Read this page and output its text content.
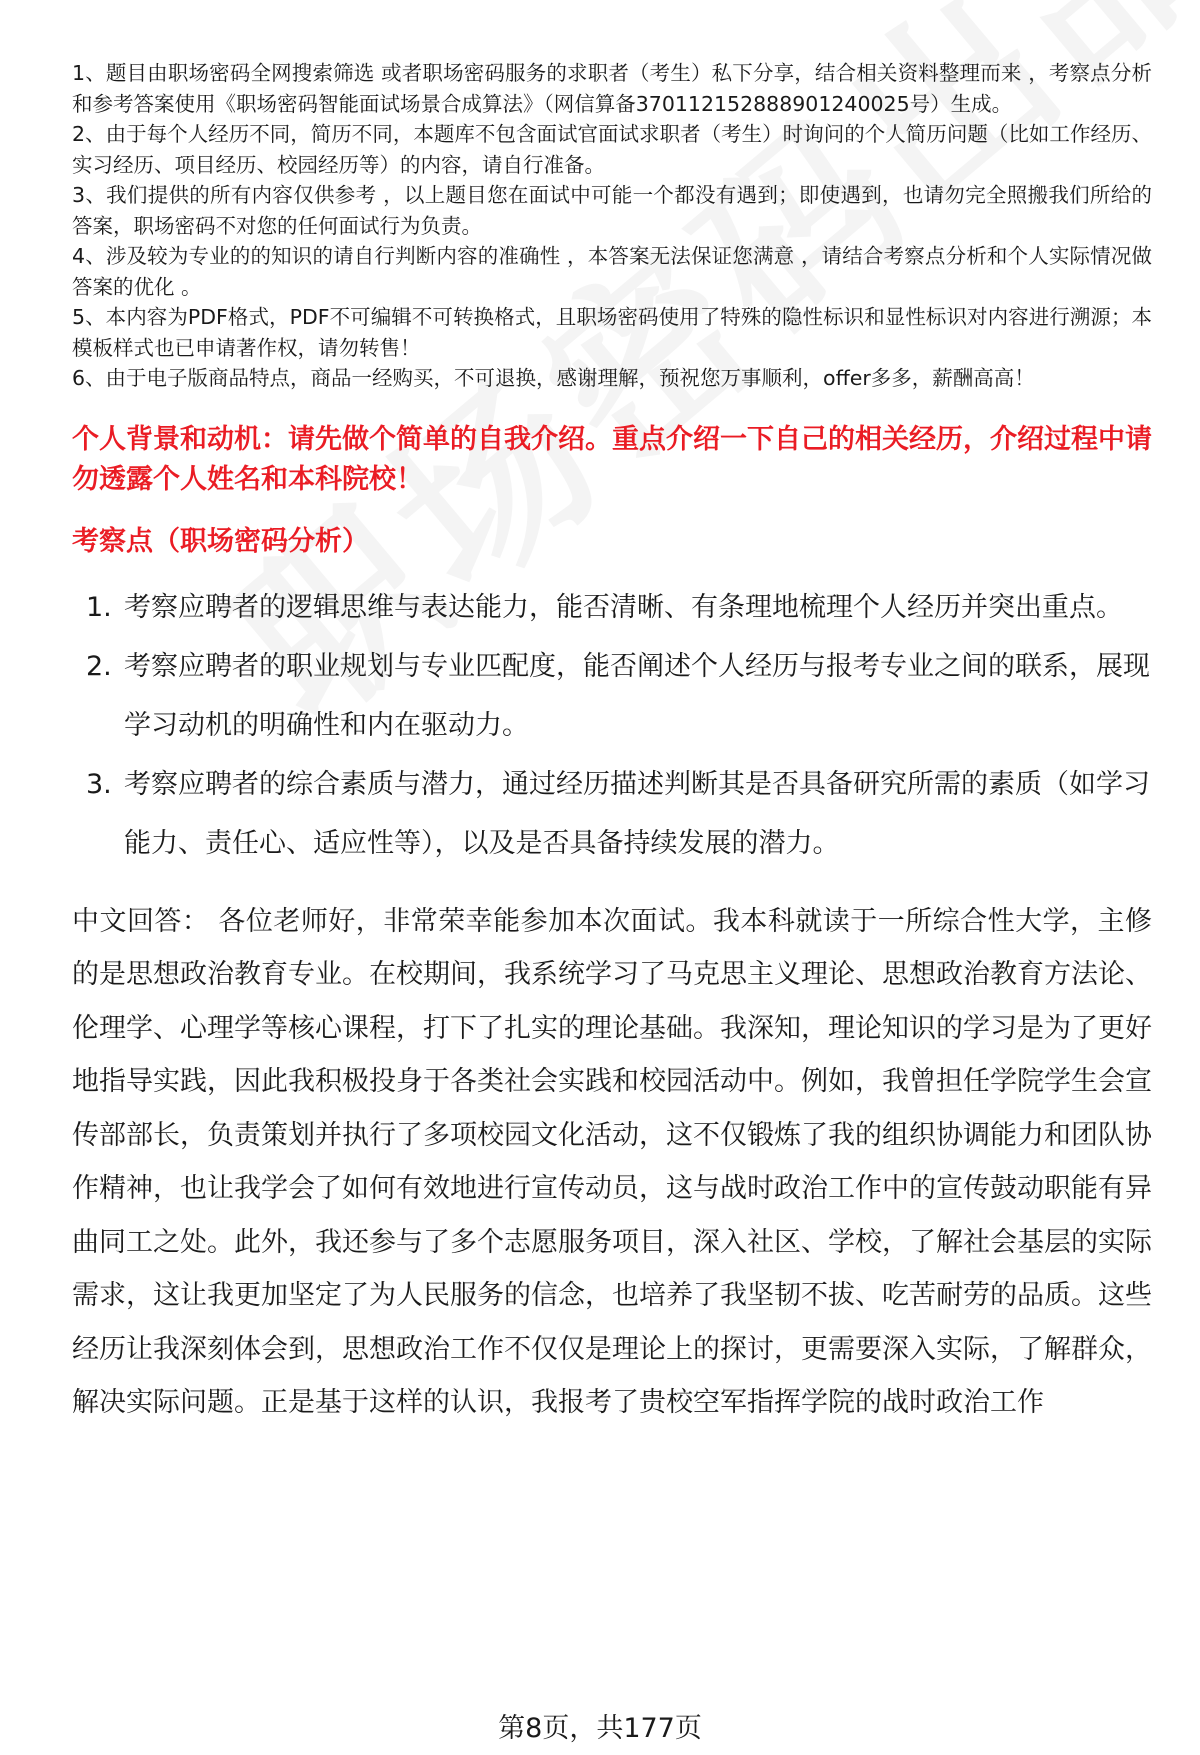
1、题目由职场密码全网搜索筛选 或者职场密码服务的求职者（考生）私下分享，结合相关资料整理而来 ，考察点分析和参考答案使用《职场密码智能面试场景合成算法》（网信算备370112152888901240025号）生成。

2、由于每个人经历不同，简历不同，本题库不包含面试官面试求职者（考生）时询问的个人简历问题（比如工作经历、实习经历、项目经历、校园经历等）的内容，请自行准备。

3、我们提供的所有内容仅供参考 ，以上题目您在面试中可能一个都没有遇到；即使遇到，也请勿完全照搬我们所给的答案，职场密码不对您的任何面试行为负责。

4、涉及较为专业的的知识的请自行判断内容的准确性 ，本答案无法保证您满意 ，请结合考察点分析和个人实际情况做答案的优化 。

5、本内容为PDF格式，PDF不可编辑不可转换格式，且职场密码使用了特殊的隐性标识和显性标识对内容进行溯源；本模板样式也已申请著作权，请勿转售！

6、由于电子版商品特点，商品一经购买，不可退换，感谢理解，预祝您万事顺利，offer多多，薪酬高高！

个人背景和动机：请先做个简单的自我介绍。重点介绍一下自己的相关经历，介绍过程中请勿透露个人姓名和本科院校！

考察点（职场密码分析）

1. 考察应聘者的逻辑思维与表达能力，能否清晰、有条理地梳理个人经历并突出重点。
2. 考察应聘者的职业规划与专业匹配度，能否阐述个人经历与报考专业之间的联系，展现学习动机的明确性和内在驱动力。
3. 考察应聘者的综合素质与潜力，通过经历描述判断其是否具备研究所需的素质（如学习能力、责任心、适应性等），以及是否具备持续发展的潜力。

中文回答： 各位老师好，非常荣幸能参加本次面试。我本科就读于一所综合性大学，主修的是思想政治教育专业。在校期间，我系统学习了马克思主义理论、思想政治教育方法论、伦理学、心理学等核心课程，打下了扎实的理论基础。我深知，理论知识的学习是为了更好地指导实践，因此我积极投身于各类社会实践和校园活动中。例如，我曾担任学院学生会宣传部部长，负责策划并执行了多项校园文化活动，这不仅锻炼了我的组织协调能力和团队协作精神，也让我学会了如何有效地进行宣传动员，这与战时政治工作中的宣传鼓动职能有异曲同工之处。此外，我还参与了多个志愿服务项目，深入社区、学校，了解社会基层的实际需求，这让我更加坚定了为人民服务的信念，也培养了我坚韧不拔、吃苦耐劳的品质。这些经历让我深刻体会到，思想政治工作不仅仅是理论上的探讨，更需要深入实际，了解群众，解决实际问题。正是基于这样的认识，我报考了贵校空军指挥学院的战时政治工作

第8页，共177页
